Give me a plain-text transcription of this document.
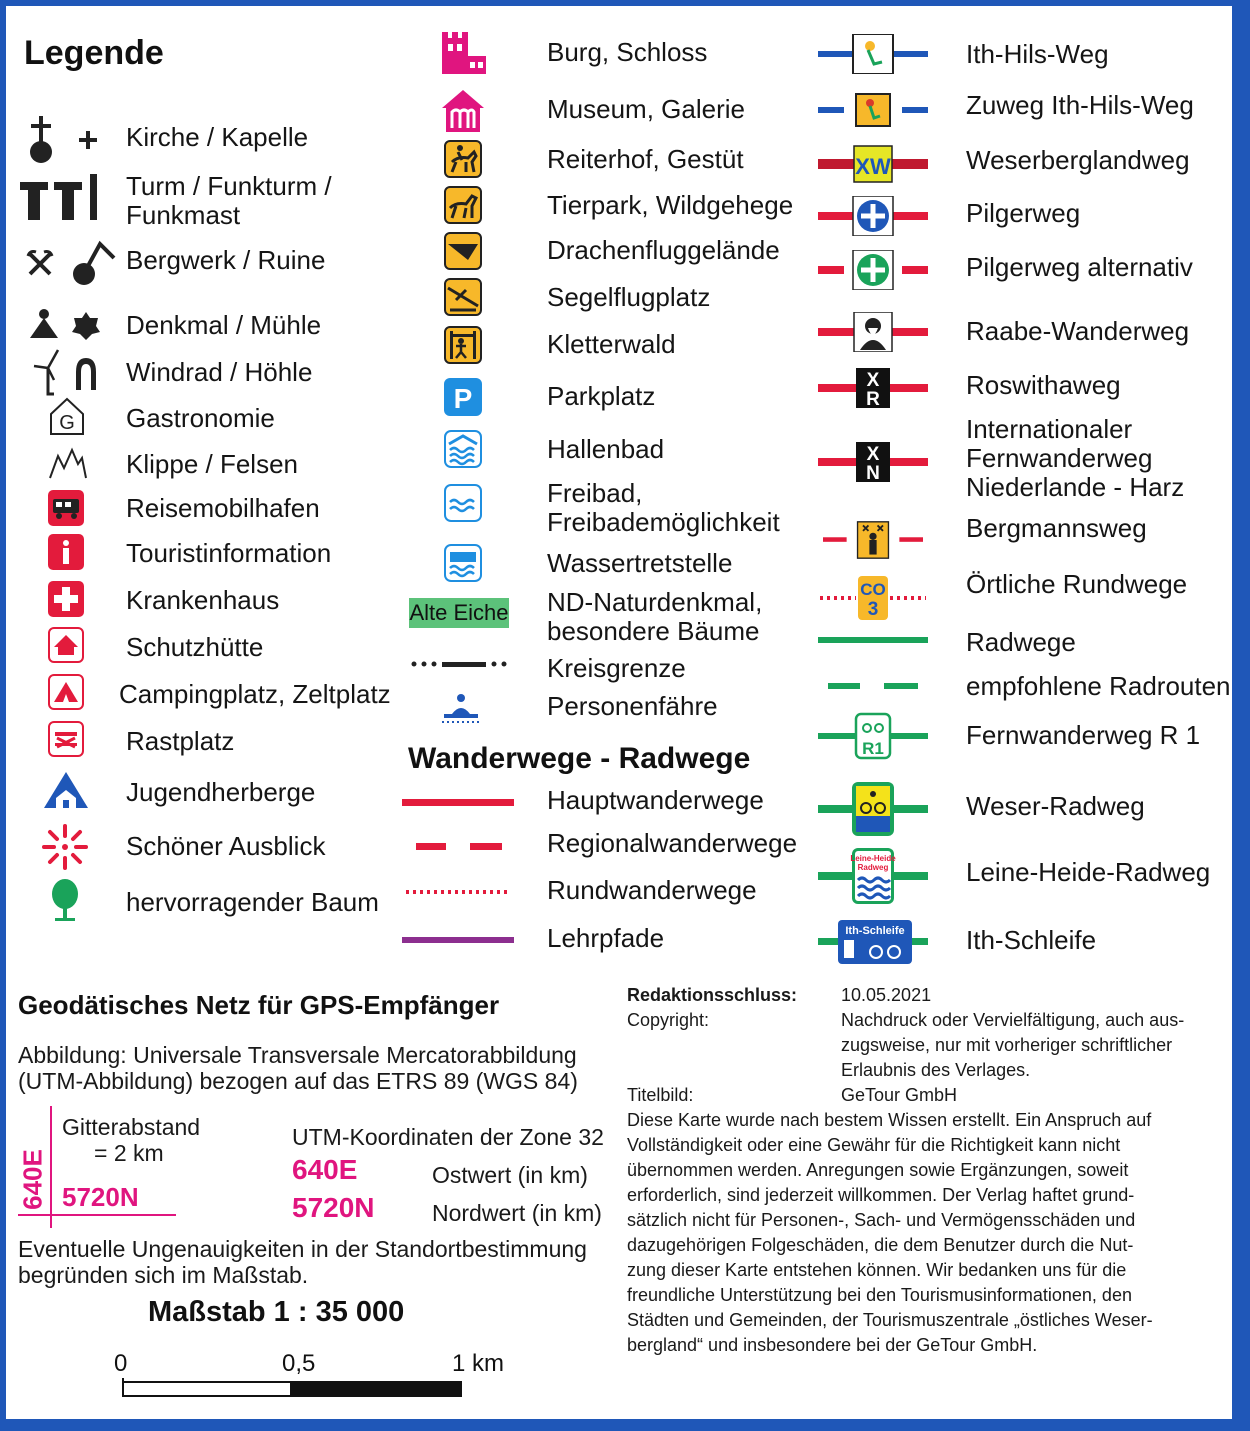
Legende
Kirche / Kapelle
Turm / Funkturm /
Funkmast
Bergwerk / Ruine
Denkmal / Mühle
Windrad / Höhle
G Gastronomie
Klippe / Felsen
Reisemobilhafen
Touristinformation
Krankenhaus
Schutzhütte
Campingplatz, Zeltplatz
Rastplatz
Jugendherberge
Schöner Ausblick
hervorragender Baum
Burg, Schloss
Museum, Galerie
Reiterhof, Gestüt
Tierpark, Wildgehege
Drachenfluggelände
Segelflugplatz
Kletterwald
P	Parkplatz
Hallenbad
Freibad,
Freibademöglichkeit
Wassertretstelle
Alte Eiche ND-Naturdenkmal,
besondere Bäume
Kreisgrenze
Personenfähre
Wanderwege - Radwege
Hauptwanderwege
Regionalwanderwege
Rundwanderwege
Lehrpfade
Ith-Hils-Weg
Zuweg Ith-Hils-Weg
XW	Weserberglandweg
Pilgerweg
Pilgerweg alternativ
Raabe-Wanderweg
X
R	Roswithaweg
X
N
Internationaler
Fernwanderweg
Niederlande - Harz
Bergmannsweg
CO
3
Örtliche Rundwege
Radwege
empfohlene Radrouten
R1	Fernwanderweg R 1
Weser-Radweg
Leine-Heide
Radweg	Leine-Heide-Radweg
Ith-Schleife Ith-Schleife
Geodätisches Netz für GPS-Empfänger
Abbildung: Universale Transversale Mercatorabbildung
(UTM-Abbildung) bezogen auf das ETRS 89 (WGS 84)
640E 5720N
Gitterabstand
= 2 km
UTM-Koordinaten der Zone 32
640E	Ostwert (in km)
5720N Nordwert (in km)
Eventuelle Ungenauigkeiten in der Standortbestimmung
begründen sich im Maßstab.
Maßstab 1 : 35 000
0	0,5	1 km
Redaktionsschluss: 10.05.2021
Copyright:	Nachdruck oder Vervielfältigung, auch aus-
zugsweise, nur mit vorheriger schriftlicher
Erlaubnis des Verlages.
Titelbild:	GeTour GmbH
Diese Karte wurde nach bestem Wissen erstellt. Ein Anspruch auf
Vollständigkeit oder eine Gewähr für die Richtigkeit kann nicht
übernommen werden. Anregungen sowie Ergänzungen, soweit
erforderlich, sind jederzeit willkommen. Der Verlag haftet grund-
sätzlich nicht für Personen-, Sach- und Vermögensschäden und
dazugehörigen Folgeschäden, die dem Benutzer durch die Nut-
zung dieser Karte entstehen können. Wir bedanken uns für die
freundliche Unterstützung bei den Tourismusinformationen, den
Städten und Gemeinden, der Tourismuszentrale „östliches Weser-
bergland“ und insbesondere bei der GeTour GmbH.
